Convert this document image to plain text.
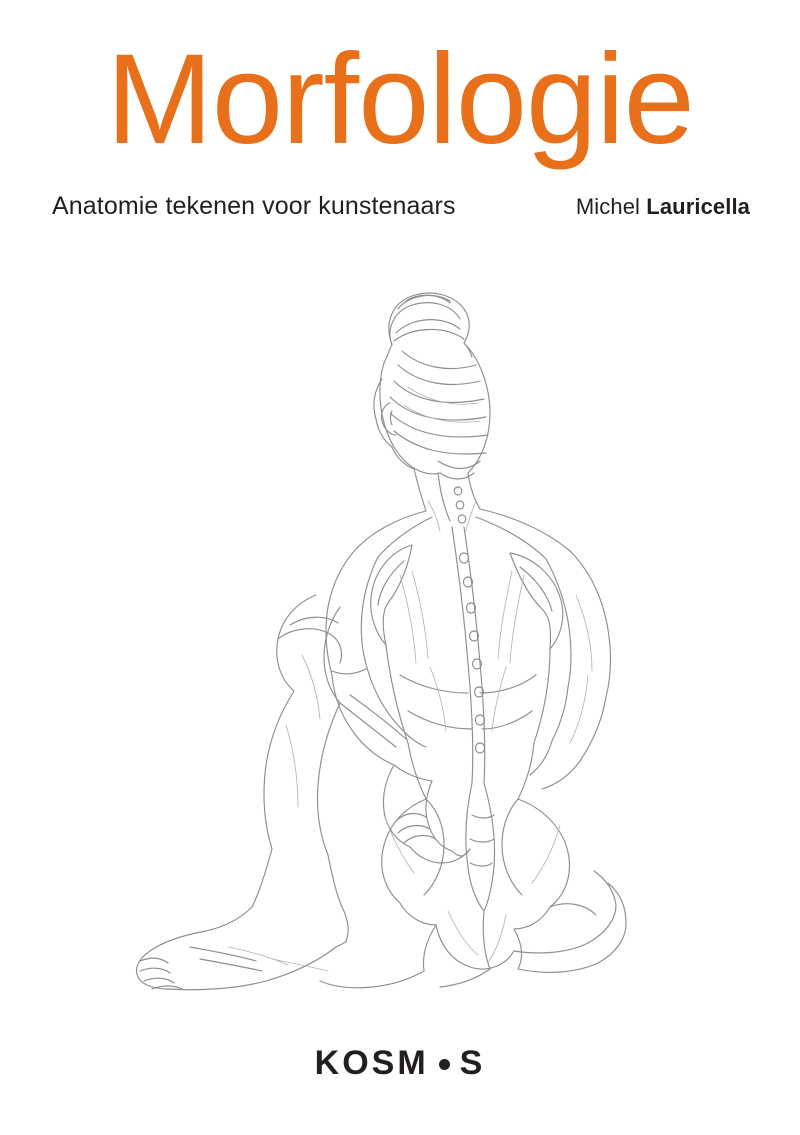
Morfologie
Anatomie tekenen voor kunstenaars	Michel Lauricella
KOSM S
